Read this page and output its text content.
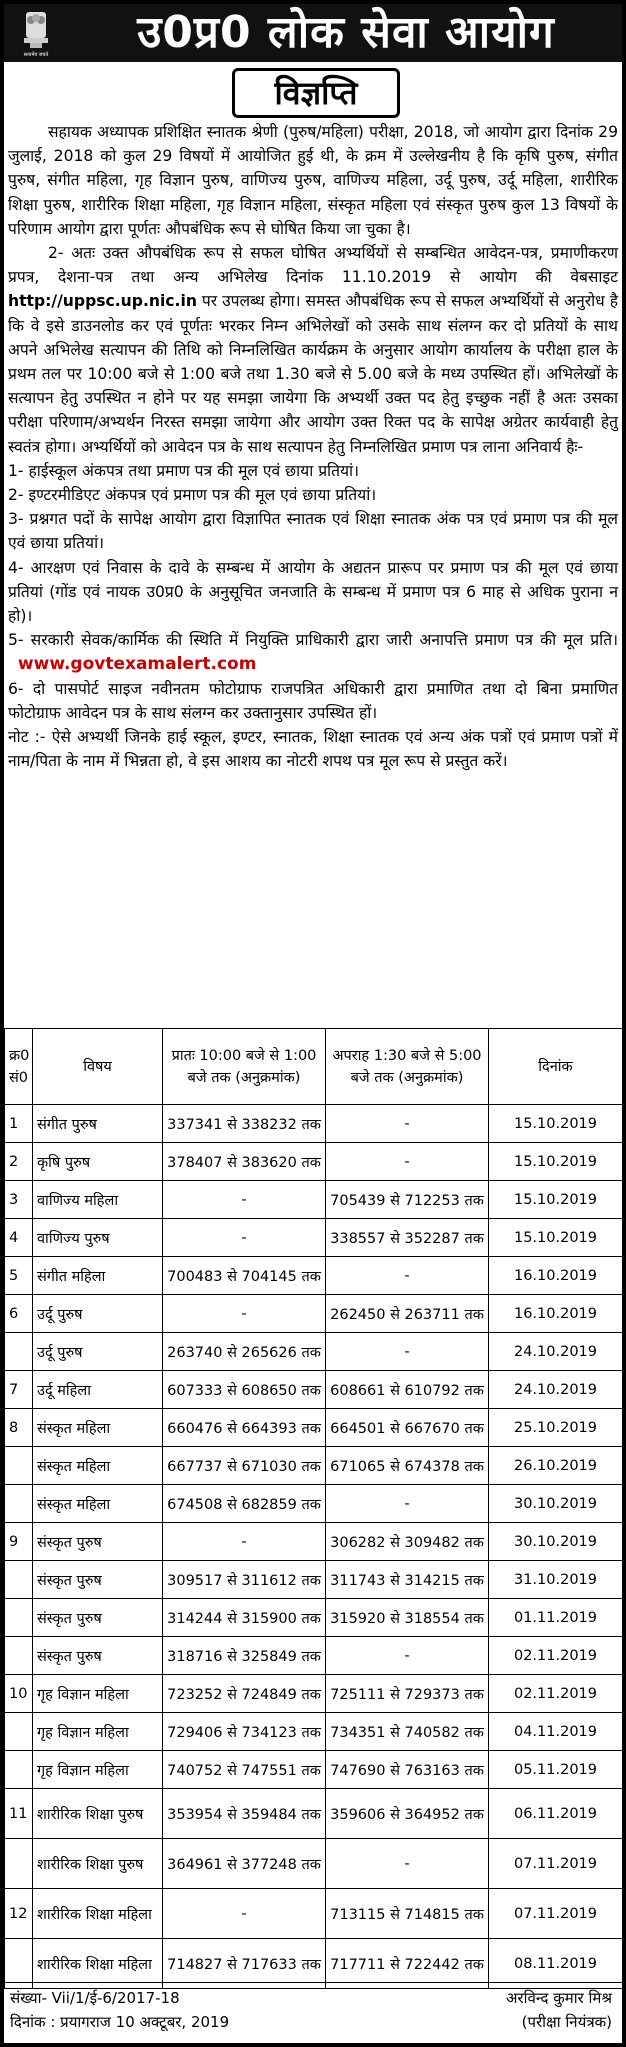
सत्यमेव जयते	उ0प्र0 लोक सेवा आयोग
विज्ञप्ति

सहायक अध्यापक प्रशिक्षित स्नातक श्रेणी (पुरुष/महिला) परीक्षा, 2018, जो आयोग द्वारा दिनांक 29 जुलाई, 2018 को कुल 29 विषयों में आयोजित हुई थी, के क्रम में उल्लेखनीय है कि कृषि पुरुष, संगीत पुरुष, संगीत महिला, गृह विज्ञान पुरुष, वाणिज्य पुरुष, वाणिज्य महिला, उर्दू पुरुष, उर्दू महिला, शारीरिक शिक्षा पुरुष, शारीरिक शिक्षा महिला, गृह विज्ञान महिला, संस्कृत महिला एवं संस्कृत पुरुष कुल 13 विषयों के परिणाम आयोग द्वारा पूर्णतः औपबंधिक रूप से घोषित किया जा चुका है।

2- अतः उक्त औपबंधिक रूप से सफल घोषित अभ्यर्थियों से सम्बन्धित आवेदन-पत्र, प्रमाणीकरण प्रपत्र, देशना-पत्र तथा अन्य अभिलेख दिनांक 11.10.2019 से आयोग की वेबसाइट http://uppsc.up.nic.in पर उपलब्ध होगा। समस्त औपबंधिक रूप से सफल अभ्यर्थियों से अनुरोध है कि वे इसे डाउनलोड कर एवं पूर्णतः भरकर निम्न अभिलेखों को उसके साथ संलग्न कर दो प्रतियों के साथ अपने अभिलेख सत्यापन की तिथि को निम्नलिखित कार्यक्रम के अनुसार आयोग कार्यालय के परीक्षा हाल के प्रथम तल पर 10:00 बजे से 1:00 बजे तथा 1.30 बजे से 5.00 बजे के मध्य उपस्थित हों। अभिलेखों के सत्यापन हेतु उपस्थित न होने पर यह समझा जायेगा कि अभ्यर्थी उक्त पद हेतु इच्छुक नहीं है अतः उसका परीक्षा परिणाम/अभ्यर्थन निरस्त समझा जायेगा और आयोग उक्त रिक्त पद के सापेक्ष अग्रेतर कार्यवाही हेतु स्वतंत्र होगा। अभ्यर्थियों को आवेदन पत्र के साथ सत्यापन हेतु निम्नलिखित प्रमाण पत्र लाना अनिवार्य हैः-

1- हाईस्कूल अंकपत्र तथा प्रमाण पत्र की मूल एवं छाया प्रतियां।

2- इण्टरमीडिएट अंकपत्र एवं प्रमाण पत्र की मूल एवं छाया प्रतियां।

3- प्रश्नगत पदों के सापेक्ष आयोग द्वारा विज्ञापित स्नातक एवं शिक्षा स्नातक अंक पत्र एवं प्रमाण पत्र की मूल एवं छाया प्रतियां।

4- आरक्षण एवं निवास के दावे के सम्बन्ध में आयोग के अद्यतन प्रारूप पर प्रमाण पत्र की मूल एवं छाया प्रतियां (गोंड एवं नायक उ0प्र0 के अनुसूचित जनजाति के सम्बन्ध में प्रमाण पत्र 6 माह से अधिक पुराना न हो)।

5- सरकारी सेवक/कार्मिक की स्थिति में नियुक्ति प्राधिकारी द्वारा जारी अनापत्ति प्रमाण पत्र की मूल प्रति।  www.govtexamalert.com

6- दो पासपोर्ट साइज नवीनतम फोटोग्राफ राजपत्रित अधिकारी द्वारा प्रमाणित तथा दो बिना प्रमाणित फोटोग्राफ आवेदन पत्र के साथ संलग्न कर उक्तानुसार उपस्थित हों।

नोट :- ऐसे अभ्यर्थी जिनके हाई स्कूल, इण्टर, स्नातक, शिक्षा स्नातक एवं अन्य अंक पत्रों एवं प्रमाण पत्रों में नाम/पिता के नाम में भिन्नता हो, वे इस आशय का नोटरी शपथ पत्र मूल रूप से प्रस्तुत करें।

क्र0 सं0	विषय	प्रातः 10:00 बजे से 1:00 बजे तक (अनुक्रमांक)	अपराह 1:30 बजे से 5:00 बजे तक (अनुक्रमांक)	दिनांक
1	संगीत पुरुष	337341 से 338232 तक	-	15.10.2019
2	कृषि पुरुष	378407 से 383620 तक	-	15.10.2019
3	वाणिज्य महिला	-	705439 से 712253 तक	15.10.2019
4	वाणिज्य पुरुष	-	338557 से 352287 तक	15.10.2019
5	संगीत महिला	700483 से 704145 तक	-	16.10.2019
6	उर्दू पुरुष	-	262450 से 263711 तक	16.10.2019
	उर्दू पुरुष	263740 से 265626 तक	-	24.10.2019
7	उर्दू महिला	607333 से 608650 तक	608661 से 610792 तक	24.10.2019
8	संस्कृत महिला	660476 से 664393 तक	664501 से 667670 तक	25.10.2019
	संस्कृत महिला	667737 से 671030 तक	671065 से 674378 तक	26.10.2019
	संस्कृत महिला	674508 से 682859 तक	-	30.10.2019
9	संस्कृत पुरुष	-	306282 से 309482 तक	30.10.2019
	संस्कृत पुरुष	309517 से 311612 तक	311743 से 314215 तक	31.10.2019
	संस्कृत पुरुष	314244 से 315900 तक	315920 से 318554 तक	01.11.2019
	संस्कृत पुरुष	318716 से 325849 तक	-	02.11.2019
10	गृह विज्ञान महिला	723252 से 724849 तक	725111 से 729373 तक	02.11.2019
	गृह विज्ञान महिला	729406 से 734123 तक	734351 से 740582 तक	04.11.2019
	गृह विज्ञान महिला	740752 से 747551 तक	747690 से 763163 तक	05.11.2019
11	शारीरिक शिक्षा पुरुष	353954 से 359484 तक	359606 से 364952 तक	06.11.2019
	शारीरिक शिक्षा पुरुष	364961 से 377248 तक	-	07.11.2019
12	शारीरिक शिक्षा महिला	-	713115 से 714815 तक	07.11.2019
	शारीरिक शिक्षा महिला	714827 से 717633 तक	717711 से 722442 तक	08.11.2019
संख्या- Vii/1/ई-6/2017-18
दिनांक : प्रयागराज 10 अक्टूबर, 2019
अरविन्द कुमार मिश्र
(परीक्षा नियंत्रक)
